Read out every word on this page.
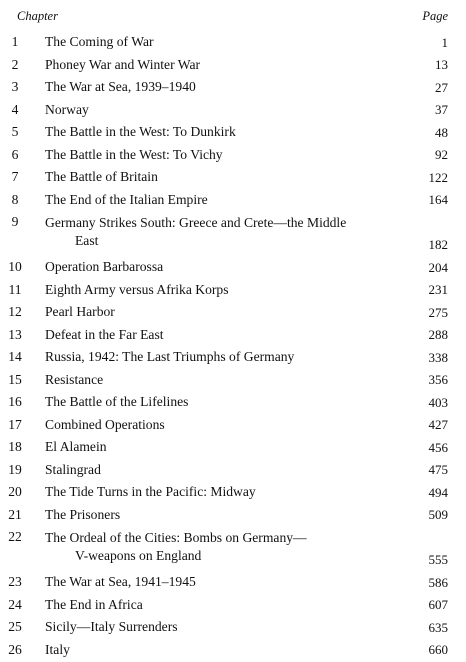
Chapter	Page
1	The Coming of War	1
2	Phoney War and Winter War	13
3	The War at Sea, 1939–1940	27
4	Norway	37
5	The Battle in the West: To Dunkirk	48
6	The Battle in the West: To Vichy	92
7	The Battle of Britain	122
8	The End of the Italian Empire	164
9	Germany Strikes South: Greece and Crete—the Middle
East	182
10	Operation Barbarossa	204
11	Eighth Army versus Afrika Korps	231
12	Pearl Harbor	275
13	Defeat in the Far East	288
14	Russia, 1942: The Last Triumphs of Germany	338
15	Resistance	356
16	The Battle of the Lifelines	403
17	Combined Operations	427
18	El Alamein	456
19	Stalingrad	475
20	The Tide Turns in the Pacific: Midway	494
21	The Prisoners	509
22	The Ordeal of the Cities: Bombs on Germany—
V-weapons on England	555
23	The War at Sea, 1941–1945	586
24	The End in Africa	607
25	Sicily—Italy Surrenders	635
26	Italy	660
